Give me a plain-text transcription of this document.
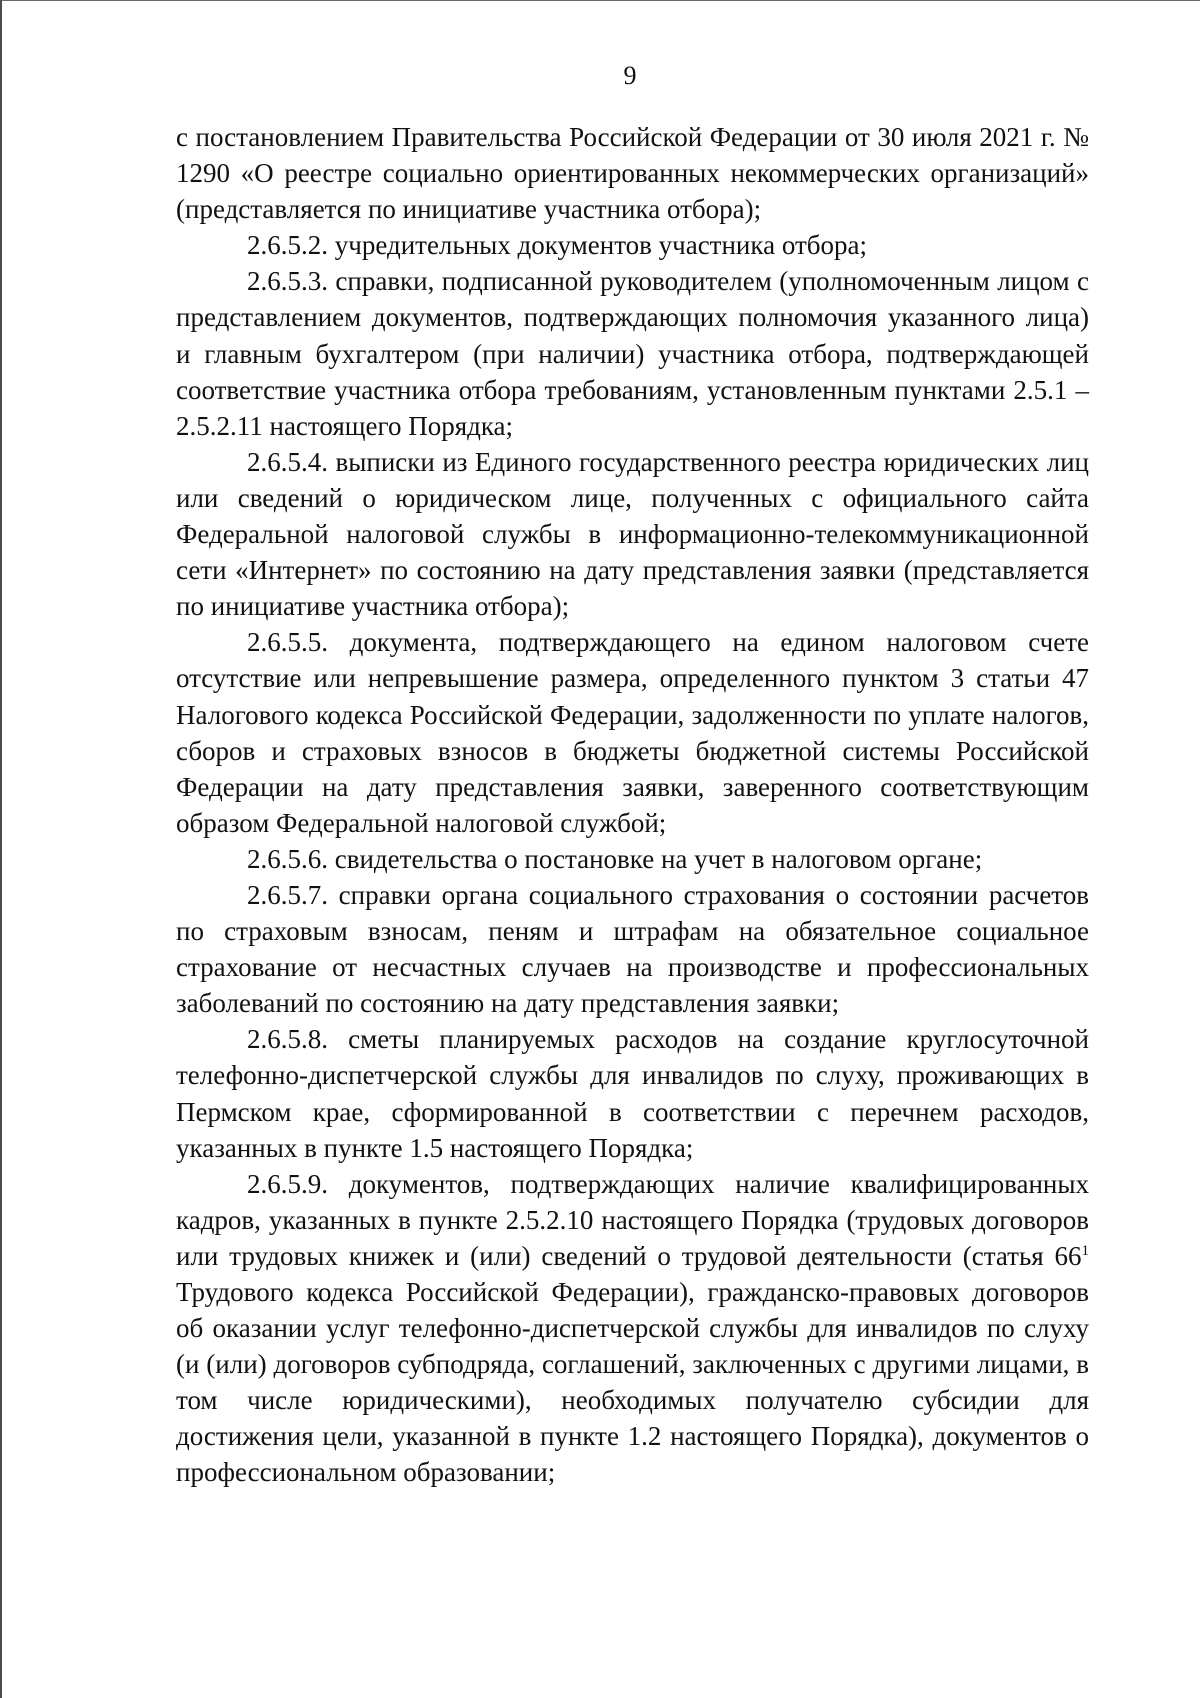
9

с постановлением Правительства Российской Федерации от 30 июля 2021 г. № 1290 «О реестре социально ориентированных некоммерческих организаций» (представляется по инициативе участника отбора);

2.6.5.2. учредительных документов участника отбора;

2.6.5.3. справки, подписанной руководителем (уполномоченным лицом с представлением документов, подтверждающих полномочия указанного лица) и главным бухгалтером (при наличии) участника отбора, подтверждающей соответствие участника отбора требованиям, установленным пунктами 2.5.1 – 2.5.2.11 настоящего Порядка;

2.6.5.4. выписки из Единого государственного реестра юридических лиц или сведений о юридическом лице, полученных с официального сайта Федеральной налоговой службы в информационно-телекоммуникационной сети «Интернет» по состоянию на дату представления заявки (представляется по инициативе участника отбора);

2.6.5.5. документа, подтверждающего на едином налоговом счете отсутствие или непревышение размера, определенного пунктом 3 статьи 47 Налогового кодекса Российской Федерации, задолженности по уплате налогов, сборов и страховых взносов в бюджеты бюджетной системы Российской Федерации на дату представления заявки, заверенного соответствующим образом Федеральной налоговой службой;

2.6.5.6. свидетельства о постановке на учет в налоговом органе;

2.6.5.7. справки органа социального страхования о состоянии расчетов по страховым взносам, пеням и штрафам на обязательное социальное страхование от несчастных случаев на производстве и профессиональных заболеваний по состоянию на дату представления заявки;

2.6.5.8. сметы планируемых расходов на создание круглосуточной телефонно-диспетчерской службы для инвалидов по слуху, проживающих в Пермском крае, сформированной в соответствии с перечнем расходов, указанных в пункте 1.5 настоящего Порядка;

2.6.5.9. документов, подтверждающих наличие квалифицированных кадров, указанных в пункте 2.5.2.10 настоящего Порядка (трудовых договоров или трудовых книжек и (или) сведений о трудовой деятельности (статья $66^1$ Трудового кодекса Российской Федерации), гражданско-правовых договоров об оказании услуг телефонно-диспетчерской службы для инвалидов по слуху (и (или) договоров субподряда, соглашений, заключенных с другими лицами, в том числе юридическими), необходимых получателю субсидии для достижения цели, указанной в пункте 1.2 настоящего Порядка), документов о профессиональном образовании;
